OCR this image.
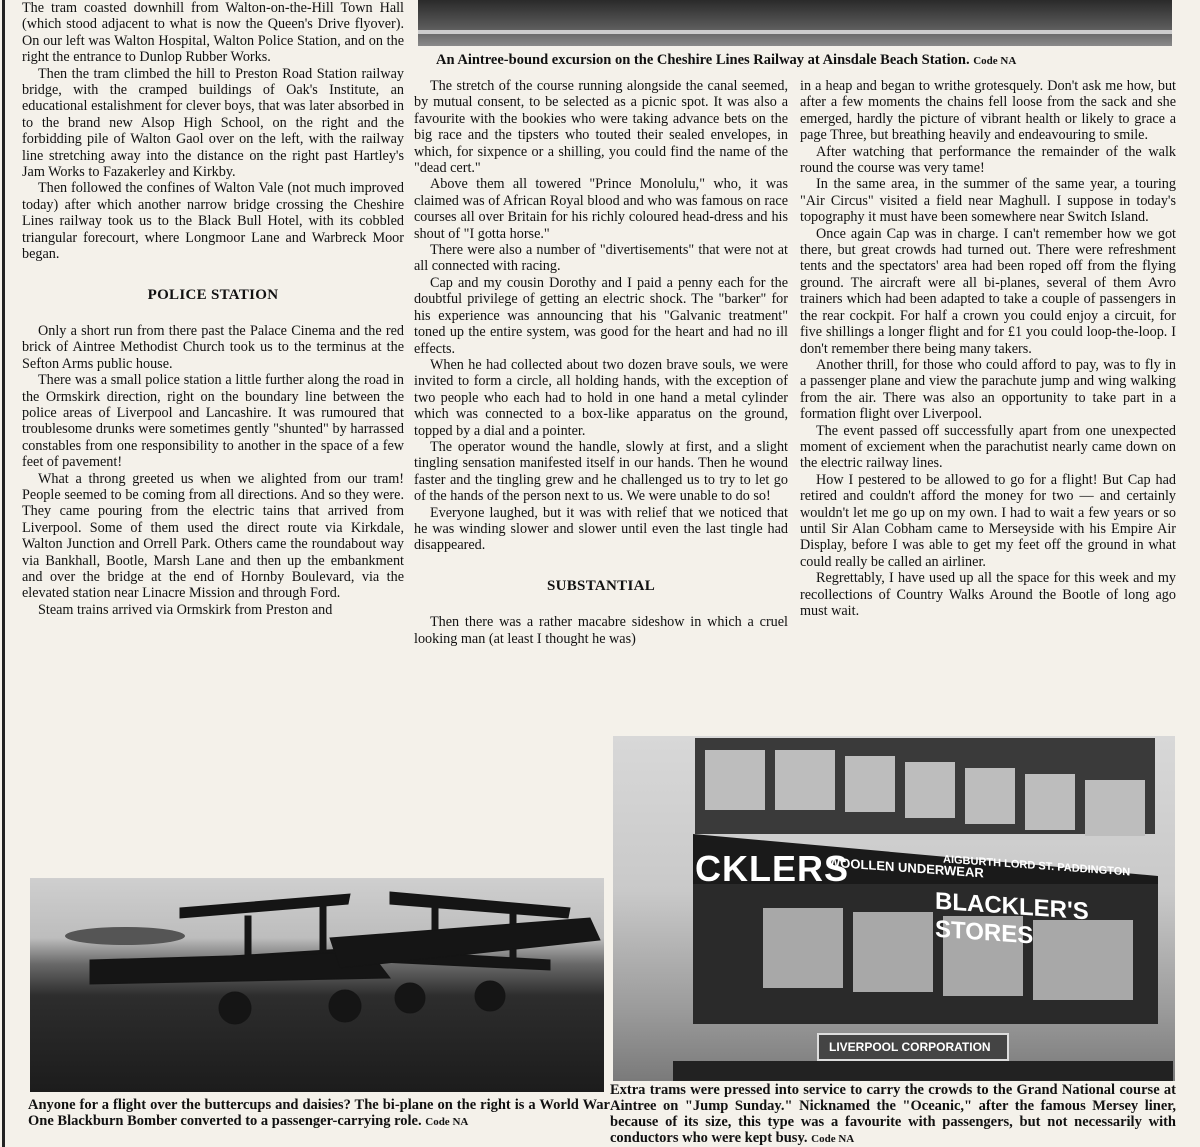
An Aintree-bound excursion on the Cheshire Lines Railway at Ainsdale Beach Station. Code NA

The tram coasted downhill from Walton-on-the-Hill Town Hall (which stood adjacent to what is now the Queen's Drive flyover). On our left was Walton Hospital, Walton Police Station, and on the right the entrance to Dunlop Rubber Works.

Then the tram climbed the hill to Preston Road Station railway bridge, with the cramped buildings of Oak's Institute, an educational estalishment for clever boys, that was later absorbed in to the brand new Alsop High School, on the right and the forbidding pile of Walton Gaol over on the left, with the railway line stretching away into the distance on the right past Hartley's Jam Works to Fazakerley and Kirkby.

Then followed the confines of Walton Vale (not much improved today) after which another narrow bridge crossing the Cheshire Lines railway took us to the Black Bull Hotel, with its cobbled triangular forecourt, where Longmoor Lane and Warbreck Moor began.

POLICE STATION

Only a short run from there past the Palace Cinema and the red brick of Aintree Methodist Church took us to the terminus at the Sefton Arms public house.

There was a small police station a little further along the road in the Ormskirk direction, right on the boundary line between the police areas of Liverpool and Lancashire. It was rumoured that troublesome drunks were sometimes gently "shunted" by harrassed constables from one responsibility to another in the space of a few feet of pavement!

What a throng greeted us when we alighted from our tram! People seemed to be coming from all directions. And so they were. They came pouring from the electric tains that arrived from Liverpool. Some of them used the direct route via Kirkdale, Walton Junction and Orrell Park. Others came the roundabout way via Bankhall, Bootle, Marsh Lane and then up the embankment and over the bridge at the end of Hornby Boulevard, via the elevated station near Linacre Mission and through Ford.

Steam trains arrived via Ormskirk from Preston and

The stretch of the course running alongside the canal seemed, by mutual consent, to be selected as a picnic spot. It was also a favourite with the bookies who were taking advance bets on the big race and the tipsters who touted their sealed envelopes, in which, for sixpence or a shilling, you could find the name of the "dead cert."

Above them all towered "Prince Monolulu," who, it was claimed was of African Royal blood and who was famous on race courses all over Britain for his richly coloured head-dress and his shout of "I gotta horse."

There were also a number of "divertisements" that were not at all connected with racing.

Cap and my cousin Dorothy and I paid a penny each for the doubtful privilege of getting an electric shock. The "barker" for his experience was announcing that his "Galvanic treatment" toned up the entire system, was good for the heart and had no ill effects.

When he had collected about two dozen brave souls, we were invited to form a circle, all holding hands, with the exception of two people who each had to hold in one hand a metal cylinder which was connected to a box-like apparatus on the ground, topped by a dial and a pointer.

The operator wound the handle, slowly at first, and a slight tingling sensation manifested itself in our hands. Then he wound faster and the tingling grew and he challenged us to try to let go of the hands of the person next to us. We were unable to do so!

Everyone laughed, but it was with relief that we noticed that he was winding slower and slower until even the last tingle had disappeared.

SUBSTANTIAL

Then there was a rather macabre sideshow in which a cruel looking man (at least I thought he was)

in a heap and began to writhe grotesquely. Don't ask me how, but after a few moments the chains fell loose from the sack and she emerged, hardly the picture of vibrant health or likely to grace a page Three, but breathing heavily and endeavouring to smile.

After watching that performance the remainder of the walk round the course was very tame!

In the same area, in the summer of the same year, a touring "Air Circus" visited a field near Maghull. I suppose in today's topography it must have been somewhere near Switch Island.

Once again Cap was in charge. I can't remember how we got there, but great crowds had turned out. There were refreshment tents and the spectators' area had been roped off from the flying ground. The aircraft were all bi-planes, several of them Avro trainers which had been adapted to take a couple of passengers in the rear cockpit. For half a crown you could enjoy a circuit, for five shillings a longer flight and for £1 you could loop-the-loop. I don't remember there being many takers.

Another thrill, for those who could afford to pay, was to fly in a passenger plane and view the parachute jump and wing walking from the air. There was also an opportunity to take part in a formation flight over Liverpool.

The event passed off successfully apart from one unexpected moment of exciement when the parachutist nearly came down on the electric railway lines.

How I pestered to be allowed to go for a flight! But Cap had retired and couldn't afford the money for two — and certainly wouldn't let me go up on my own. I had to wait a few years or so until Sir Alan Cobham came to Merseyside with his Empire Air Display, before I was able to get my feet off the ground in what could really be called an airliner.

Regrettably, I have used up all the space for this week and my recollections of Country Walks Around the Bootle of long ago must wait.

Anyone for a flight over the buttercups and daisies? The bi-plane on the right is a World War One Blackburn Bomber converted to a passenger-carrying role. Code NA
CKLERS
BLACKLER'S STORES
WOOLLEN UNDERWEAR
AIGBURTH LORD ST. PADDINGTON
LIVERPOOL CORPORATION
Extra trams were pressed into service to carry the crowds to the Grand National course at Aintree on "Jump Sunday." Nicknamed the "Oceanic," after the famous Mersey liner, because of its size, this type was a favourite with passengers, but not necessarily with conductors who were kept busy. Code NA
